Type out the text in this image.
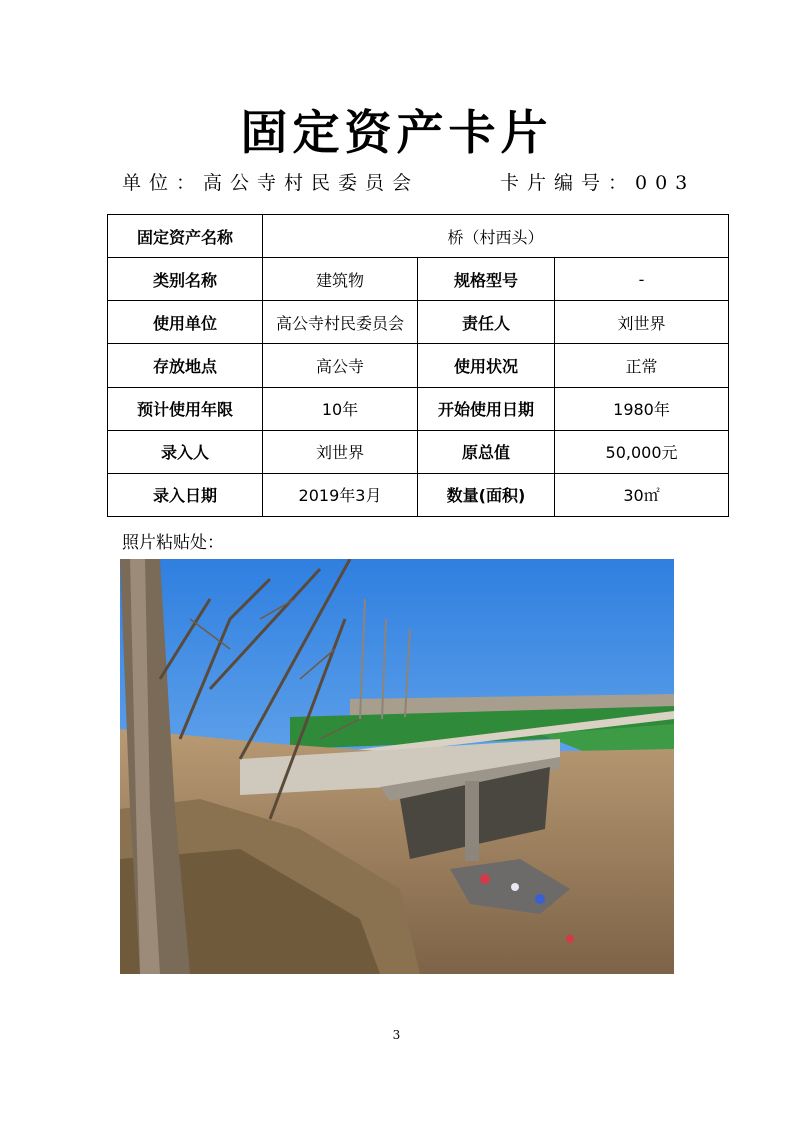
固定资产卡片
单位：高公寺村民委员会	卡片编号：003
固定资产名称	桥（村西头）		
类别名称	建筑物	规格型号	-
使用单位	高公寺村民委员会	责任人	刘世界
存放地点	高公寺	使用状况	正常
预计使用年限	10年	开始使用日期	1980年
录入人	刘世界	原总值	50,000元
录入日期	2019年3月	数量(面积)	30㎡
照片粘贴处：
3
